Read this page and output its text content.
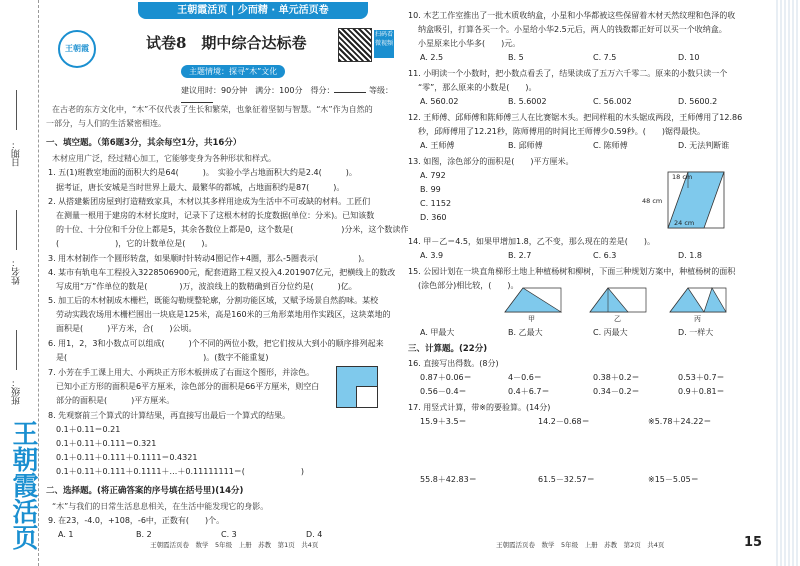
日期：
姓名：
班级：
王朝霞活页
王朝霞活页 | 少而精 · 单元活页卷
王朝霞	试卷8　期中综合达标卷	扫码看微视频
主题情境：探寻“木”文化
建议用时：90分钟　满分：100分　得分：	等级：
在古老的东方文化中，“木”不仅代表了生长和繁荣，也象征着坚韧与智慧。“木”作为自然的
一部分，与人们的生活紧密相连。
一、填空题。（第6题3分，其余每空1分，共16分）
木材应用广泛，经过精心加工，它能够变身为各种形状和样式。
1. 五(1)班教室地面的面积大约是64(　　　)。　实验小学占地面积大约是2.4(　　　)。
据考证，唐长安城是当时世界上最大、最繁华的都城，占地面积约是87(　　　)。
2. 从搭建紫团房屋到打造精致家具，木材以其多样用途成为生活中不可或缺的材料。工匠们
在测量一根用于建房的木材长度时，记录下了这根木材的长度数据(单位：分米)。已知该数
的十位、十分位和千分位上都是5，其余各数位上都是0，这个数是(　　　　　　)分米，这个数读作
(　　　　　　　)，它的计数单位是(　　)。
3. 用木材制作一个圆形转盘，如果顺时针转动4圈记作+4圈，那么-5圈表示(　　　　　)。
4. 某市有轨电车工程投入3228506900元，配套道路工程又投入4.201907亿元，把横线上的数改
写成用“万”作单位的数是(　　　　)万，波浪线上的数精确到百分位约是(　　　)亿。
5. 加工后的木材制成木栅栏，既能勾勒规整轮廓，分割功能区域，又赋予场景自然韵味。某校
劳动实践农场用木栅栏围出一块底是125米，高是160米的三角形菜地用作实践区，这块菜地的
面积是(　　　)平方米，合(　　)公顷。
6. 用1，2，3和小数点可以组成(　　　)个不同的两位小数，把它们按从大到小的顺序排列起来
是(　　　　　　　　　　　　　　　　　)。(数字不能重复)
7. 小芳在手工课上用大、小两块正方形木板拼成了右面这个图形，并涂色。
已知小正方形的面积是6平方厘米，涂色部分的面积是66平方厘米，则空白
部分的面积是(　　　)平方厘米。
8. 先观察前三个算式的计算结果，再直接写出最后一个算式的结果。
0.1＋0.11＝0.21
0.1＋0.11＋0.111＝0.321
0.1＋0.11＋0.111＋0.1111＝0.4321
0.1＋0.11＋0.111＋0.1111＋…＋0.11111111＝(　　　　　　　)
二、选择题。(将正确答案的序号填在括号里)(14分)
“木”与我们的日常生活息息相关，在生活中能发现它的身影。
9. 在23，-4.0，+108，-6中，正数有(　　)个。
A. 1	B. 2	C. 3	D. 4
王朝霞活页卷　数学　5年级　上册　苏教　第1页　共4页
10. 木艺工作室推出了一批木质收纳盒，小星和小华都被这些保留着木材天然纹理和色泽的收
纳盒吸引，打算各买一个。小星给小华2.5元后，两人的钱数都正好可以买一个收纳盒。
小星原来比小华多(　　)元。
A. 2.5	B. 5	C. 7.5	D. 10
11. 小明读一个小数时，把小数点看丢了，结果读成了五万六千零二。原来的小数只读一个
“零”，那么原来的小数是(　　)。
A. 560.02	B. 5.6002	C. 56.002	D. 5600.2
12. 王师傅、邱师傅和陈师傅三人在比赛锯木头。把同样粗的木头锯成两段，王师傅用了12.86
秒，邱师傅用了12.21秒，陈师傅用的时间比王师傅少0.59秒。(　　)锯得最快。
A. 王师傅	B. 邱师傅	C. 陈师傅	D. 无法判断谁
13. 如图，涂色部分的面积是(　　)平方厘米。
A. 792
B. 99
C. 1152
D. 360
18 cm
48 cm
24 cm
14. 甲－乙＝4.5，如果甲增加1.8，乙不变，那么现在的差是(　　)。
A. 3.9	B. 2.7	C. 6.3	D. 1.8
15. 公园计划在一块直角梯形土地上种植杨树和柳树，下面三种规划方案中，种植杨树的面积
(涂色部分)相比较，(　　)。
甲	乙	丙
A. 甲最大	B. 乙最大	C. 丙最大	D. 一样大
三、计算题。(22分)
16. 直接写出得数。(8分)
0.87＋0.06＝	4－0.6＝	0.38＋0.2＝	0.53＋0.7＝
0.56－0.4＝	0.4＋6.7＝	0.34－0.2＝	0.9＋0.81＝
17. 用竖式计算，带※的要验算。(14分)
15.9＋3.5＝	14.2－0.68＝	※5.78＋24.22＝
55.8＋42.83＝	61.5－32.57＝	※15－5.05＝
王朝霞活页卷　数学　5年级　上册　苏教　第2页　共4页	15
